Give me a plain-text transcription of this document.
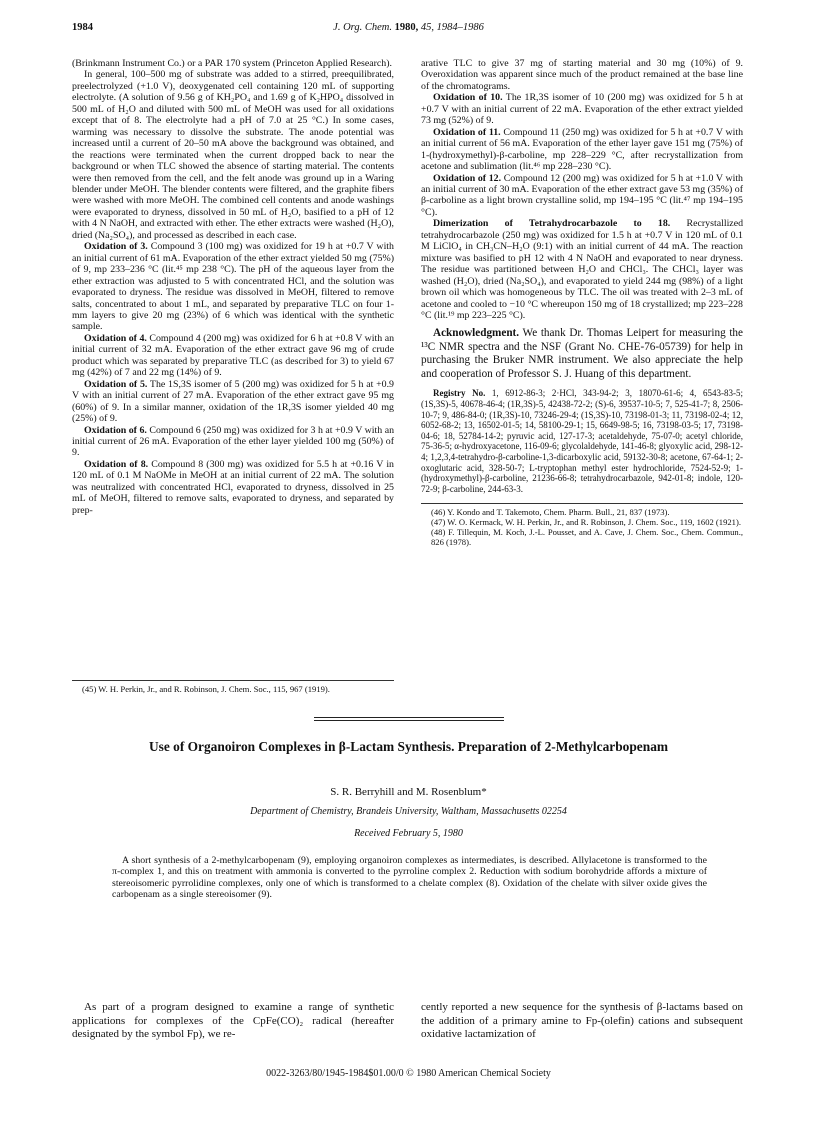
1984	J. Org. Chem. 1980, 45, 1984–1986

(Brinkmann Instrument Co.) or a PAR 170 system (Princeton Applied Research).

In general, 100–500 mg of substrate was added to a stirred, preequilibrated, preelectrolyzed (+1.0 V), deoxygenated cell containing 120 mL of supporting electrolyte. (A solution of 9.56 g of KH₂PO₄ and 1.69 g of K₂HPO₄ dissolved in 500 mL of H₂O and diluted with 500 mL of MeOH was used for all oxidations except that of 8. The electrolyte had a pH of 7.0 at 25 °C.) In some cases, warming was necessary to dissolve the substrate. The anode potential was increased until a current of 20–50 mA above the background was obtained, and the reactions were terminated when the current dropped back to near the background or when TLC showed the absence of starting material. The contents were then removed from the cell, and the felt anode was ground up in a Waring blender under MeOH. The blender contents were filtered, and the graphite fibers were washed with more MeOH. The combined cell contents and anode washings were evaporated to dryness, dissolved in 50 mL of H₂O, basified to a pH of 12 with 4 N NaOH, and extracted with ether. The ether extracts were washed (H₂O), dried (Na₂SO₄), and processed as described in each case.

Oxidation of 3. Compound 3 (100 mg) was oxidized for 19 h at +0.7 V with an initial current of 61 mA. Evaporation of the ether extract yielded 50 mg (75%) of 9, mp 233–236 °C (lit.⁴⁵ mp 238 °C). The pH of the aqueous layer from the ether extraction was adjusted to 5 with concentrated HCl, and the solution was evaporated to dryness. The residue was dissolved in MeOH, filtered to remove salts, concentrated to about 1 mL, and separated by preparative TLC on four 1-mm layers to give 20 mg (23%) of 6 which was identical with the synthetic sample.

Oxidation of 4. Compound 4 (200 mg) was oxidized for 6 h at +0.8 V with an initial current of 32 mA. Evaporation of the ether extract gave 96 mg of crude product which was separated by preparative TLC (as described for 3) to yield 67 mg (42%) of 7 and 22 mg (14%) of 9.

Oxidation of 5. The 1S,3S isomer of 5 (200 mg) was oxidized for 5 h at +0.9 V with an initial current of 27 mA. Evaporation of the ether extract gave 95 mg (60%) of 9. In a similar manner, oxidation of the 1R,3S isomer yielded 40 mg (25%) of 9.

Oxidation of 6. Compound 6 (250 mg) was oxidized for 3 h at +0.9 V with an initial current of 26 mA. Evaporation of the ether layer yielded 100 mg (50%) of 9.

Oxidation of 8. Compound 8 (300 mg) was oxidized for 5.5 h at +0.16 V in 120 mL of 0.1 M NaOMe in MeOH at an initial current of 22 mA. The solution was neutralized with concentrated HCl, evaporated to dryness, dissolved in 25 mL of MeOH, filtered to remove salts, evaporated to dryness, and separated by prep-

(45) W. H. Perkin, Jr., and R. Robinson, J. Chem. Soc., 115, 967 (1919).

arative TLC to give 37 mg of starting material and 30 mg (10%) of 9. Overoxidation was apparent since much of the product remained at the base line of the chromatograms.

Oxidation of 10. The 1R,3S isomer of 10 (200 mg) was oxidized for 5 h at +0.7 V with an initial current of 22 mA. Evaporation of the ether extract yielded 73 mg (52%) of 9.

Oxidation of 11. Compound 11 (250 mg) was oxidized for 5 h at +0.7 V with an initial current of 56 mA. Evaporation of the ether layer gave 151 mg (75%) of 1-(hydroxymethyl)-β-carboline, mp 228–229 °C, after recrystallization from acetone and sublimation (lit.⁴⁶ mp 228–230 °C).

Oxidation of 12. Compound 12 (200 mg) was oxidized for 5 h at +1.0 V with an initial current of 30 mA. Evaporation of the ether extract gave 53 mg (35%) of β-carboline as a light brown crystalline solid, mp 194–195 °C (lit.⁴⁷ mp 194–195 °C).

Dimerization of Tetrahydrocarbazole to 18. Recrystallized tetrahydrocarbazole (250 mg) was oxidized for 1.5 h at +0.7 V in 120 mL of 0.1 M LiClO₄ in CH₃CN–H₂O (9:1) with an initial current of 44 mA. The reaction mixture was basified to pH 12 with 4 N NaOH and evaporated to near dryness. The residue was partitioned between H₂O and CHCl₃. The CHCl₃ layer was washed (H₂O), dried (Na₂SO₄), and evaporated to yield 244 mg (98%) of a light brown oil which was homogeneous by TLC. The oil was treated with 2–3 mL of acetone and cooled to −10 °C whereupon 150 mg of 18 crystallized; mp 223–228 °C (lit.¹⁹ mp 223–225 °C).

Acknowledgment. We thank Dr. Thomas Leipert for measuring the ¹³C NMR spectra and the NSF (Grant No. CHE-76-05739) for help in purchasing the Bruker NMR instrument. We also appreciate the help and cooperation of Professor S. J. Huang of this department.

Registry No. 1, 6912-86-3; 2·HCl, 343-94-2; 3, 18070-61-6; 4, 6543-83-5; (1S,3S)-5, 40678-46-4; (1R,3S)-5, 42438-72-2; (S)-6, 39537-10-5; 7, 525-41-7; 8, 2506-10-7; 9, 486-84-0; (1R,3S)-10, 73246-29-4; (1S,3S)-10, 73198-01-3; 11, 73198-02-4; 12, 6052-68-2; 13, 16502-01-5; 14, 58100-29-1; 15, 6649-98-5; 16, 73198-03-5; 17, 73198-04-6; 18, 52784-14-2; pyruvic acid, 127-17-3; acetaldehyde, 75-07-0; acetyl chloride, 75-36-5; α-hydroxyacetone, 116-09-6; glycolaldehyde, 141-46-8; glyoxylic acid, 298-12-4; 1,2,3,4-tetrahydro-β-carboline-1,3-dicarboxylic acid, 59132-30-8; acetone, 67-64-1; 2-oxoglutaric acid, 328-50-7; L-tryptophan methyl ester hydrochloride, 7524-52-9; 1-(hydroxymethyl)-β-carboline, 21236-66-8; tetrahydrocarbazole, 942-01-8; indole, 120-72-9; β-carboline, 244-63-3.

(46) Y. Kondo and T. Takemoto, Chem. Pharm. Bull., 21, 837 (1973).

(47) W. O. Kermack, W. H. Perkin, Jr., and R. Robinson, J. Chem. Soc., 119, 1602 (1921).

(48) F. Tillequin, M. Koch, J.-L. Pousset, and A. Cave, J. Chem. Soc., Chem. Commun., 826 (1978).

Use of Organoiron Complexes in β-Lactam Synthesis. Preparation of 2-Methylcarbopenam
S. R. Berryhill and M. Rosenblum*
Department of Chemistry, Brandeis University, Waltham, Massachusetts 02254
Received February 5, 1980

A short synthesis of a 2-methylcarbopenam (9), employing organoiron complexes as intermediates, is described. Allylacetone is transformed to the π-complex 1, and this on treatment with ammonia is converted to the pyrroline complex 2. Reduction with sodium borohydride affords a mixture of stereoisomeric pyrrolidine complexes, only one of which is transformed to a chelate complex (8). Oxidation of the chelate with silver oxide gives the carbopenam as a single stereoisomer (9).

As part of a program designed to examine a range of synthetic applications for complexes of the CpFe(CO)₂ radical (hereafter designated by the symbol Fp), we re-

cently reported a new sequence for the synthesis of β-lactams based on the addition of a primary amine to Fp-(olefin) cations and subsequent oxidative lactamization of

0022-3263/80/1945-1984$01.00/0 © 1980 American Chemical Society
